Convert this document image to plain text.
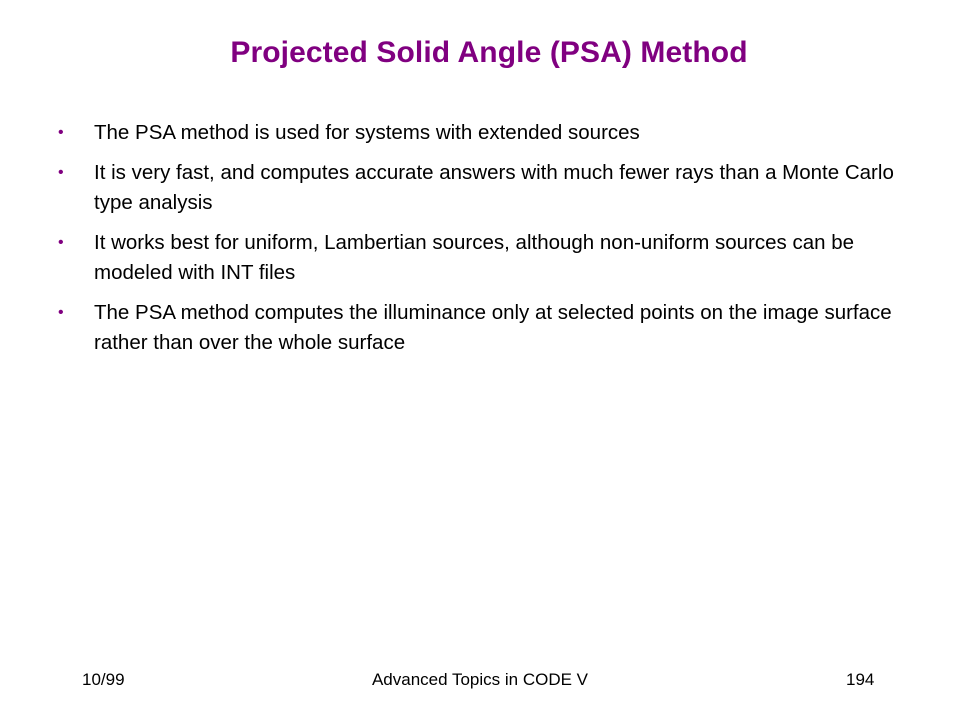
Projected Solid Angle (PSA) Method
•	The PSA method is used for systems with extended sources
•	It is very fast, and computes accurate answers with much fewer rays than a Monte Carlo type analysis
•	It works best for uniform, Lambertian sources, although non-uniform sources can be modeled with INT files
•	The PSA method computes the illuminance only at selected points on the image surface rather than over the whole surface
10/99	Advanced Topics in CODE V	194
